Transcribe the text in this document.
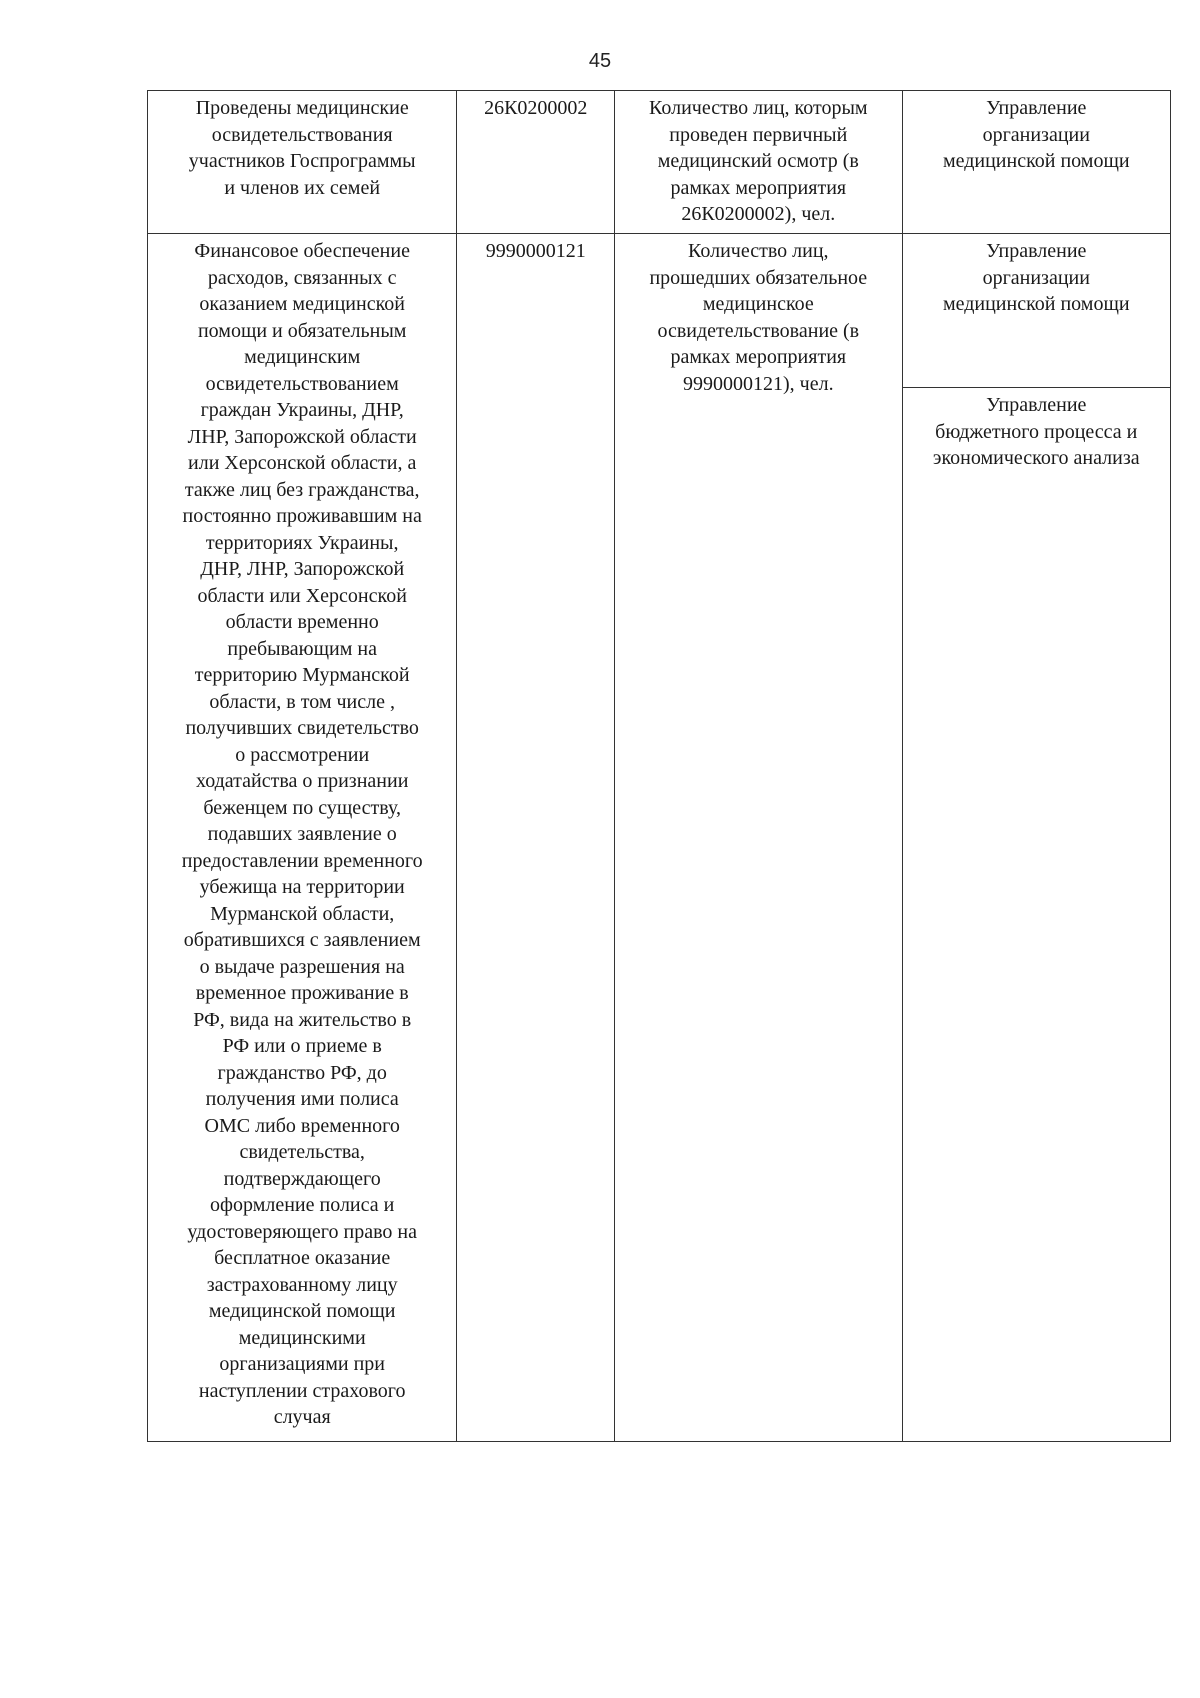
45
Проведены медицинские
освидетельствования
участников Госпрограммы
и членов их семей
26К0200002	Количество лиц, которым
проведен первичный
медицинский осмотр (в
рамках мероприятия
26К0200002), чел.
Управление
организации
медицинской помощи
Финансовое обеспечение
расходов, связанных с
оказанием медицинской
помощи и обязательным
медицинским
освидетельствованием
граждан Украины, ДНР,
ЛНР, Запорожской области
или Херсонской области, а
также лиц без гражданства,
постоянно проживавшим на
территориях Украины,
ДНР, ЛНР, Запорожской
области или Херсонской
области временно
пребывающим на
территорию Мурманской
области, в том числе ,
получивших свидетельство
о рассмотрении
ходатайства о признании
беженцем по существу,
подавших заявление о
предоставлении временного
убежища на территории
Мурманской области,
обратившихся с заявлением
о выдаче разрешения на
временное проживание в
РФ, вида на жительство в
РФ или о приеме в
гражданство РФ, до
получения ими полиса
ОМС либо временного
свидетельства,
подтверждающего
оформление полиса и
удостоверяющего право на
бесплатное оказание
застрахованному лицу
медицинской помощи
медицинскими
организациями при
наступлении страхового
случая
9990000121	Количество лиц,
прошедших обязательное
медицинское
освидетельствование (в
рамках мероприятия
9990000121), чел.
Управление
организации
медицинской помощи
Управление
бюджетного процесса и
экономического анализа
